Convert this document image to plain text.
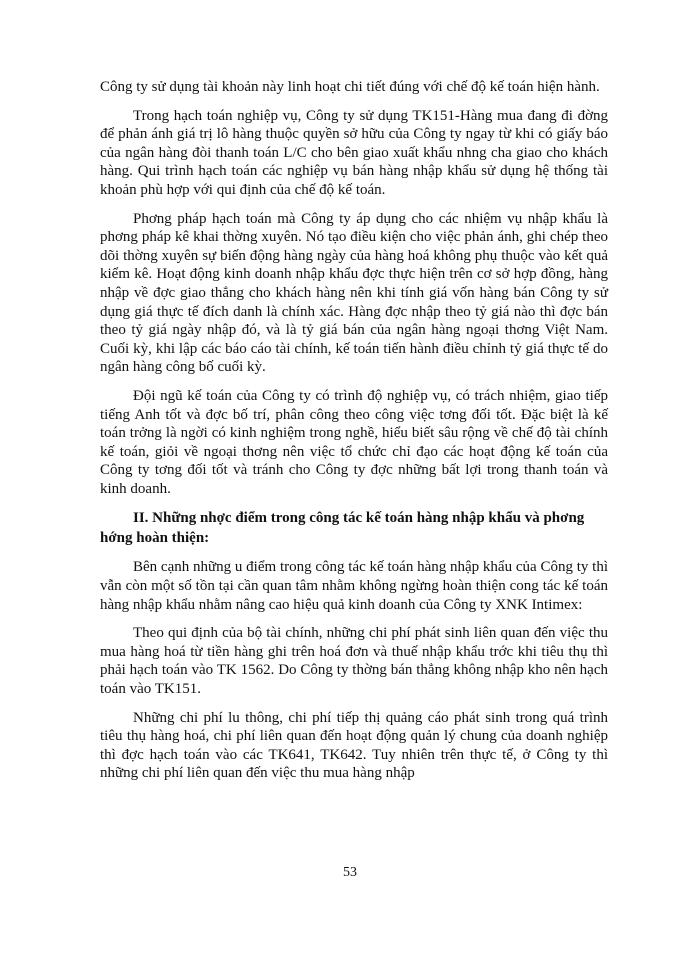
Công ty sử dụng tài khoản này linh hoạt chi tiết đúng với chế độ kế toán hiện hành.

Trong hạch toán nghiệp vụ, Công ty sử dụng TK151-Hàng mua đang đi đờng để phản ánh giá trị lô hàng thuộc quyền sở hữu của Công ty ngay từ khi có giấy báo của ngân hàng đòi thanh toán L/C cho bên giao xuất khẩu nhng cha giao cho khách hàng. Qui trình hạch toán các nghiệp vụ bán hàng nhập khẩu sử dụng hệ thống tài khoản phù hợp với qui định của chế độ kế toán.

Phơng pháp hạch toán mà Công ty áp dụng cho các nhiệm vụ nhập khẩu là phơng pháp kê khai thờng xuyên. Nó tạo điều kiện cho việc phản ánh, ghi chép theo dõi thờng xuyên sự biến động hàng ngày của hàng hoá không phụ thuộc vào kết quả kiểm kê. Hoạt động kinh doanh nhập khẩu đợc thực hiện trên cơ sở hợp đồng, hàng nhập về đợc giao thẳng cho khách hàng nên khi tính giá vốn hàng bán Công ty sử dụng giá thực tế đích danh là chính xác. Hàng đợc nhập theo tỷ giá nào thì đợc bán theo tỷ giá ngày nhập đó, và là tỷ giá bán của ngân hàng ngoại thơng Việt Nam. Cuối kỳ, khi lập các báo cáo tài chính, kế toán tiến hành điều chỉnh tỷ giá thực tế do ngân hàng công bố cuối kỳ.

Đội ngũ kế toán của Công ty có trình độ nghiệp vụ, có trách nhiệm, giao tiếp tiếng Anh tốt và đợc bố trí, phân công theo công việc tơng đối tốt. Đặc biệt là kế toán trởng là ngời có kinh nghiệm trong nghề, hiểu biết sâu rộng về chế độ tài chính kế toán, giỏi về ngoại thơng nên việc tổ chức chỉ đạo các hoạt động kế toán của Công ty tơng đối tốt và tránh cho Công ty đợc những bất lợi trong thanh toán và kinh doanh.

II. Những nhợc điểm trong công tác kế toán hàng nhập khẩu và phơng hớng hoàn thiện:

Bên cạnh những u điểm trong công tác kế toán hàng nhập khẩu của Công ty thì vẫn còn một số tồn tại cần quan tâm nhằm không ngừng hoàn thiện cong tác kế toán hàng nhập khẩu nhằm nâng cao hiệu quả kinh doanh của Công ty XNK Intimex:

Theo qui định của bộ tài chính, những chi phí phát sinh liên quan đến việc thu mua hàng hoá từ tiền hàng ghi trên hoá đơn và thuế nhập khẩu trớc khi tiêu thụ thì phải hạch toán vào TK 1562. Do Công ty thờng bán thẳng không nhập kho nên hạch toán vào TK151.

Những chi phí lu thông, chi phí tiếp thị quảng cáo phát sinh trong quá trình tiêu thụ hàng hoá, chi phí liên quan đến hoạt động quản lý chung của doanh nghiệp thì đợc hạch toán vào các TK641, TK642. Tuy nhiên trên thực tế, ở Công ty thì những chi phí liên quan đến việc thu mua hàng nhập

53
